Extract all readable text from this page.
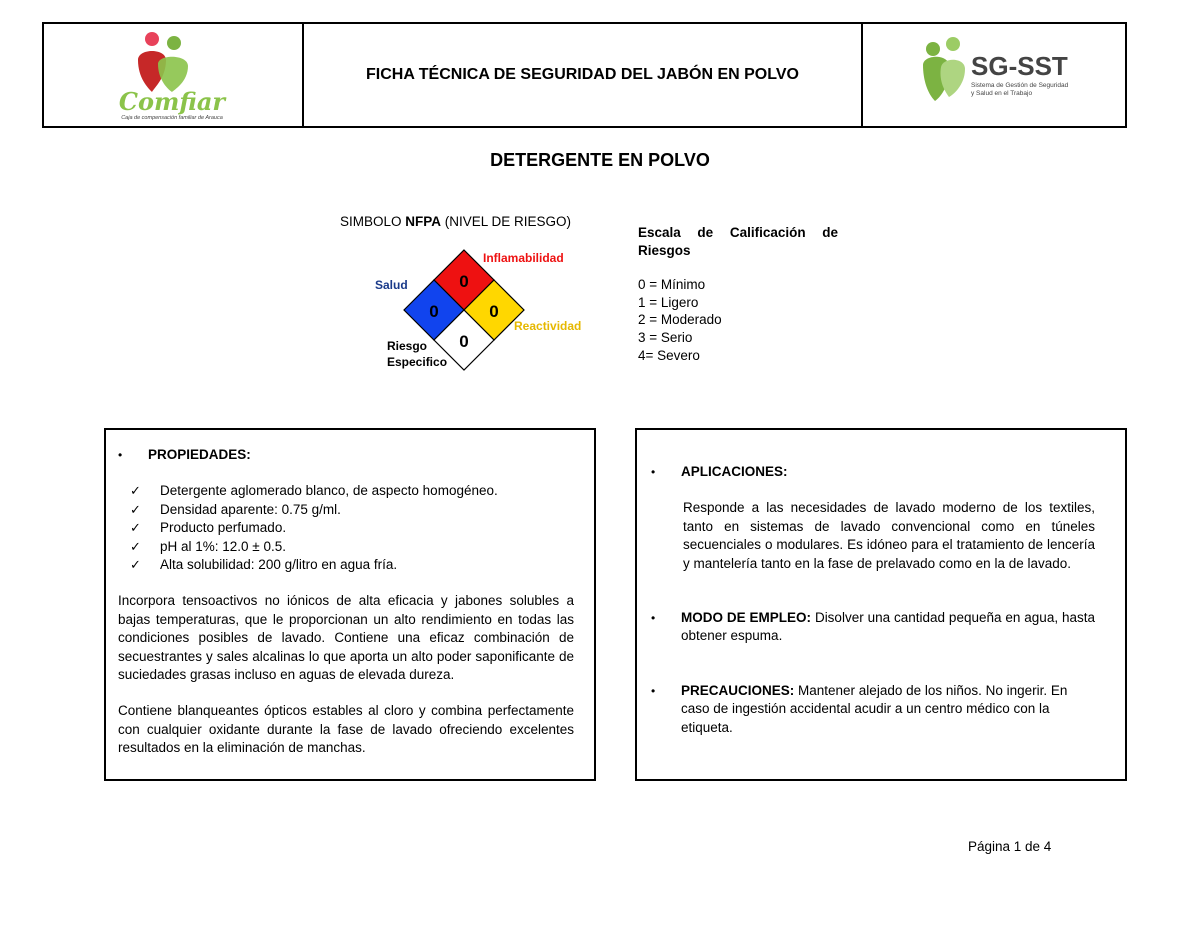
Comfiar
Caja de compensación familiar de Arauca
FICHA TÉCNICA DE SEGURIDAD DEL JABÓN EN POLVO	SG-SST
Sistema de Gestión de Seguridad
y Salud en el Trabajo
DETERGENTE EN POLVO
SIMBOLO NFPA (NIVEL DE RIESGO)
0
0	0
0
Inflamabilidad
Salud
Reactividad
Riesgo
Especifico
Escala de Calificación de Riesgos
0 = Mínimo
1 = Ligero
2 = Moderado
3 = Serio
4= Severo
•	PROPIEDADES:
✓	Detergente aglomerado blanco, de aspecto homogéneo.
✓	Densidad aparente: 0.75 g/ml.
✓	Producto perfumado.
✓	pH al 1%: 12.0 ± 0.5.
✓	Alta solubilidad: 200 g/litro en agua fría.

Incorpora tensoactivos no iónicos de alta eficacia y jabones solubles a bajas temperaturas, que le proporcionan un alto rendimiento en todas las condiciones posibles de lavado. Contiene una eficaz combinación de secuestrantes y sales alcalinas lo que aporta un alto poder saponificante de suciedades grasas incluso en aguas de elevada dureza.

Contiene blanqueantes ópticos estables al cloro y combina perfectamente con cualquier oxidante durante la fase de lavado ofreciendo excelentes resultados en la eliminación de manchas.

•	APLICACIONES:

Responde a las necesidades de lavado moderno de los textiles, tanto en sistemas de lavado convencional como en túneles secuenciales o modulares. Es idóneo para el tratamiento de lencería y mantelería tanto en la fase de prelavado como en la de lavado.

•	MODO DE EMPLEO: Disolver una cantidad pequeña en agua, hasta obtener espuma.

•	PRECAUCIONES: Mantener alejado de los niños. No ingerir. En caso de ingestión accidental acudir a un centro médico con la etiqueta.

Página 1 de 4
